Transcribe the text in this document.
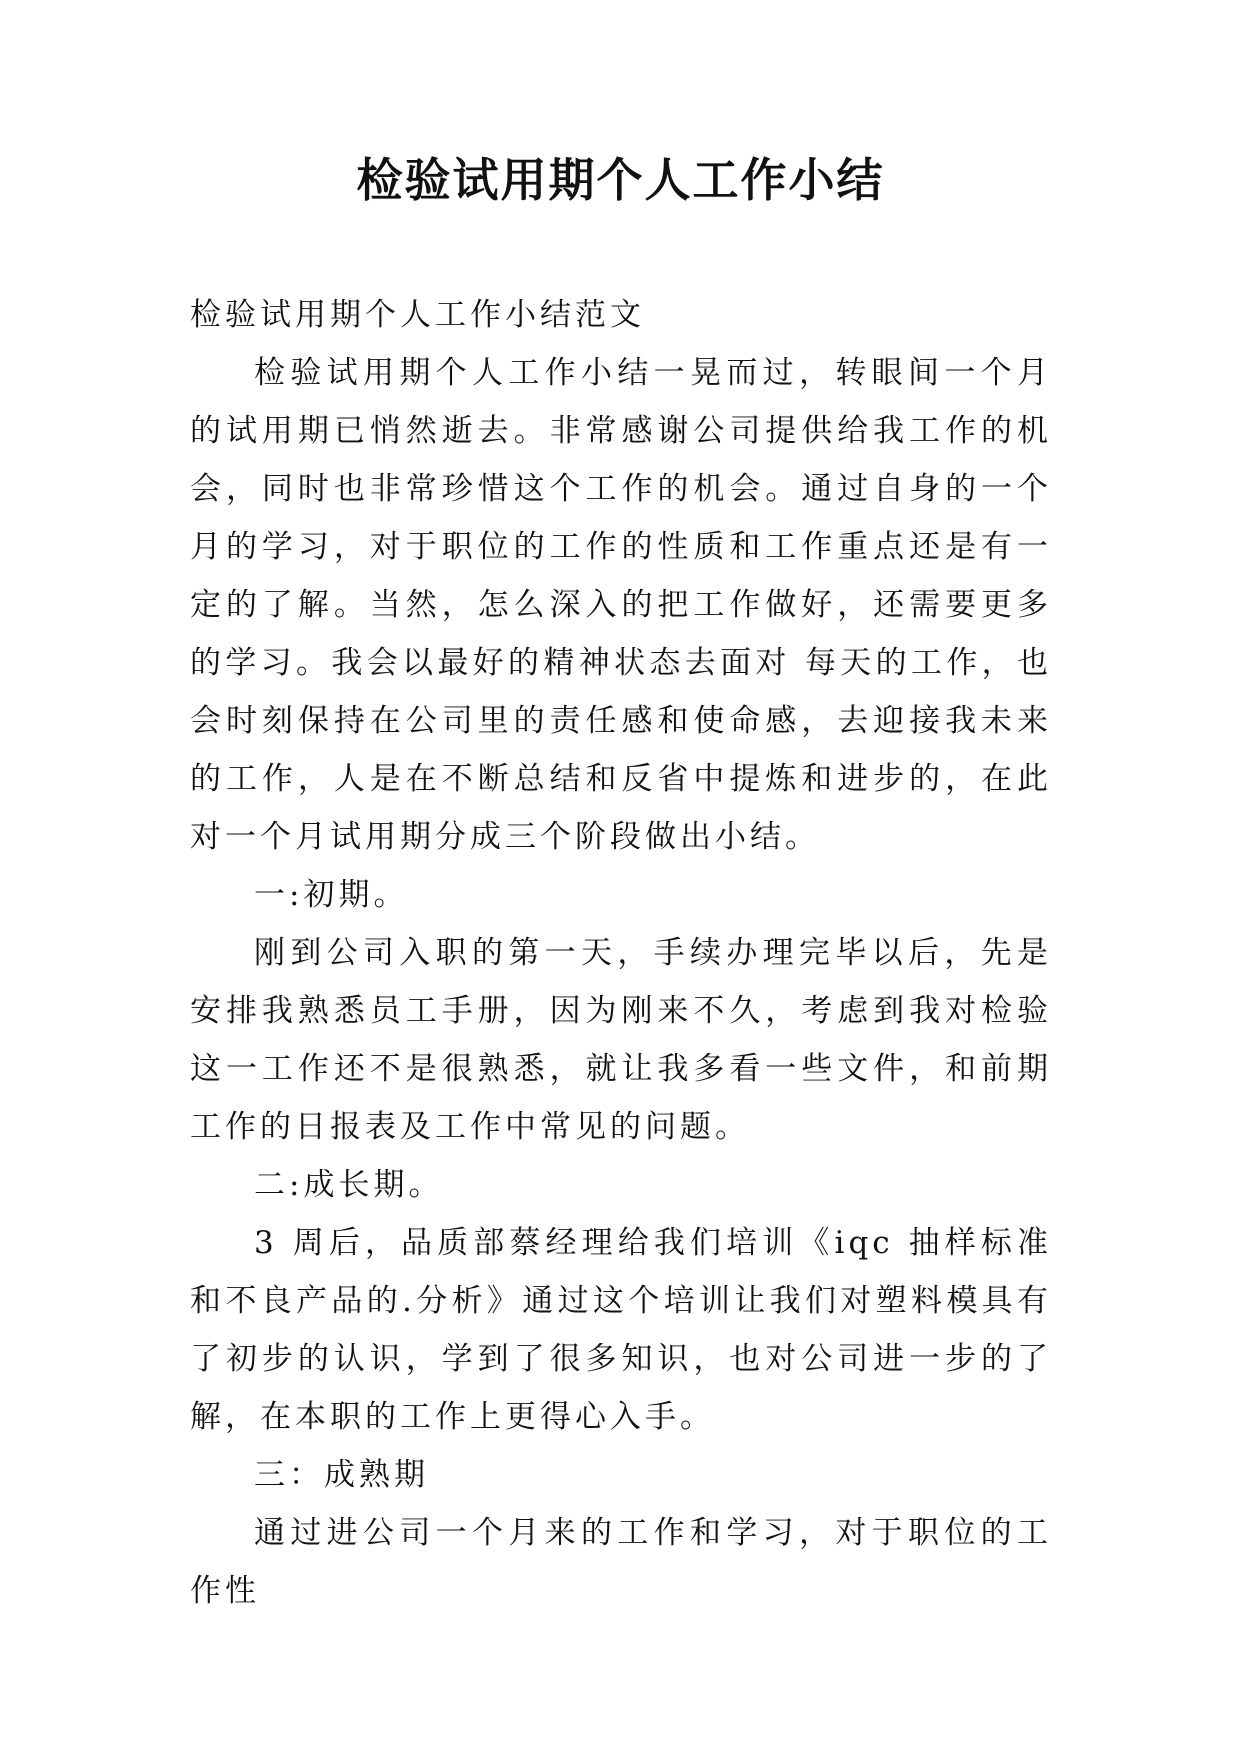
检验试用期个人工作小结

检验试用期个人工作小结范文

检验试用期个人工作小结一晃而过，转眼间一个月的试用期已悄然逝去。非常感谢公司提供给我工作的机会，同时也非常珍惜这个工作的机会。通过自身的一个月的学习，对于职位的工作的性质和工作重点还是有一定的了解。当然，怎么深入的把工作做好，还需要更多的学习。我会以最好的精神状态去面对 每天的工作，也会时刻保持在公司里的责任感和使命感，去迎接我未来的工作，人是在不断总结和反省中提炼和进步的，在此对一个月试用期分成三个阶段做出小结。

一:初期。

刚到公司入职的第一天，手续办理完毕以后，先是安排我熟悉员工手册，因为刚来不久，考虑到我对检验这一工作还不是很熟悉，就让我多看一些文件，和前期工作的日报表及工作中常见的问题。

二:成长期。

3 周后，品质部蔡经理给我们培训《iqc 抽样标准和不良产品的.分析》通过这个培训让我们对塑料模具有了初步的认识，学到了很多知识，也对公司进一步的了解，在本职的工作上更得心入手。

三：成熟期

通过进公司一个月来的工作和学习，对于职位的工作性
